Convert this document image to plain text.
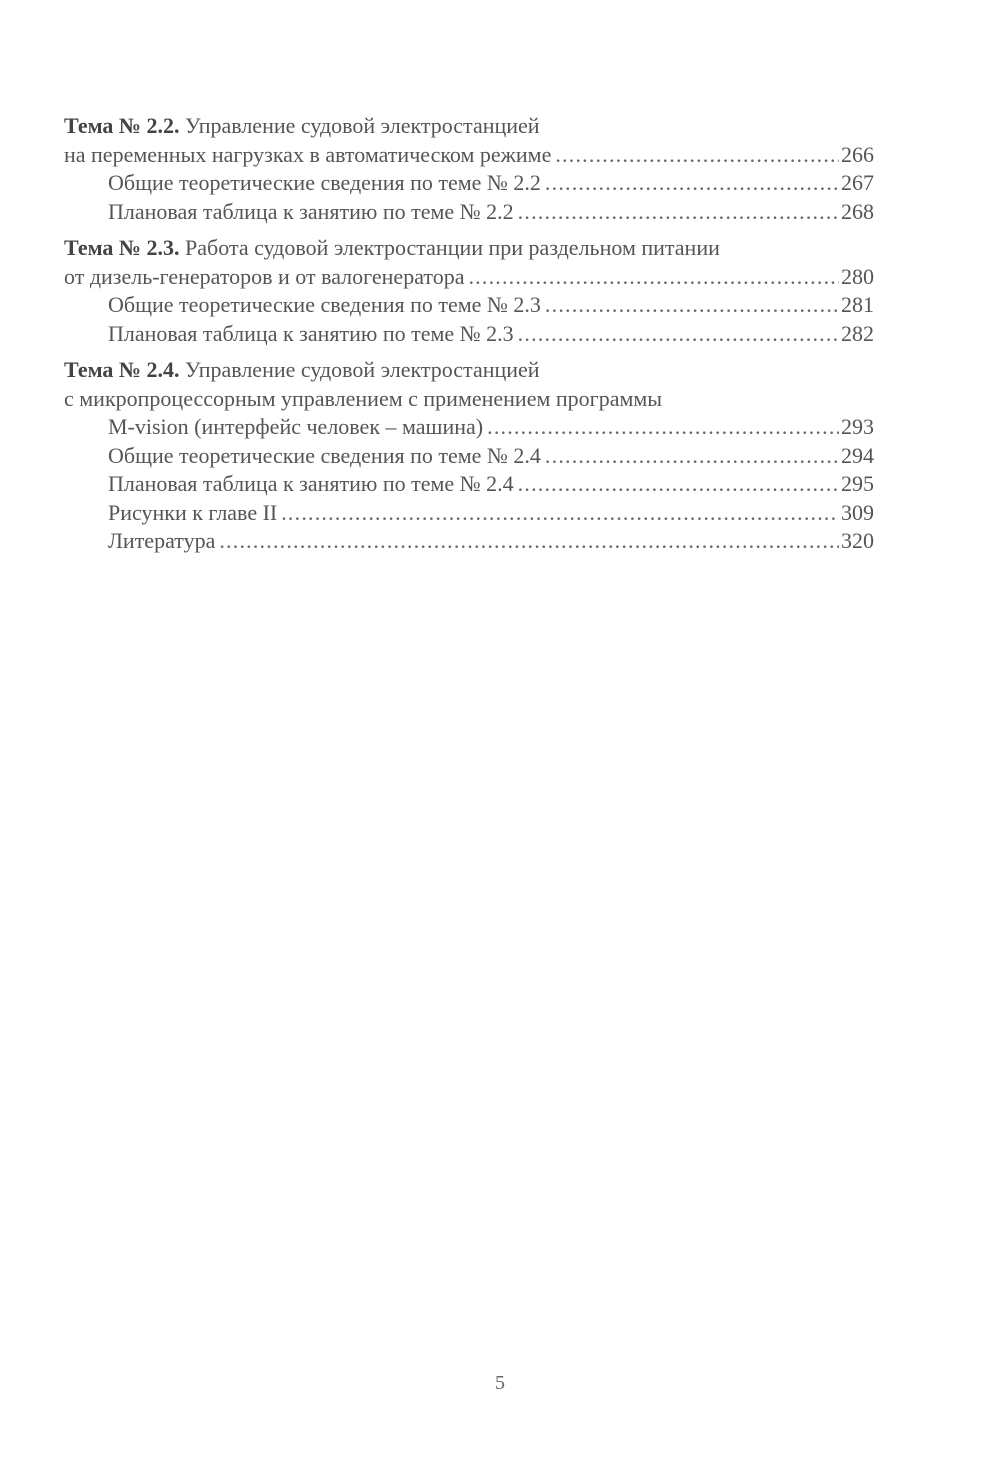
Тема № 2.2. Управление судовой электростанцией
на переменных нагрузках в автоматическом режиме .....	266
Общие теоретические сведения по теме № 2.2 .....	267
Плановая таблица к занятию по теме № 2.2 .....	268
Тема № 2.3. Работа судовой электростанции при раздельном питании
от дизель-генераторов и от валогенератора .....	280
Общие теоретические сведения по теме № 2.3 .....	281
Плановая таблица к занятию по теме № 2.3 .....	282
Тема № 2.4. Управление судовой электростанцией
с микропроцессорным управлением с применением программы
M-vision (интерфейс человек – машина) .....	293
Общие теоретические сведения по теме № 2.4 .....	294
Плановая таблица к занятию по теме № 2.4 .....	295
Рисунки к главе II .....	309
Литература .....	320
5
